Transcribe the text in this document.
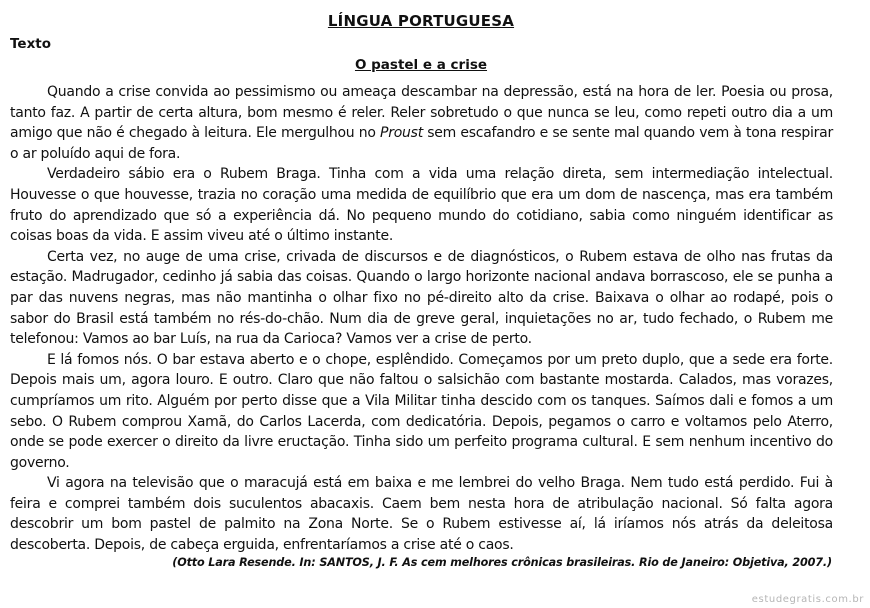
LÍNGUA PORTUGUESA
Texto
O pastel e a crise

Quando a crise convida ao pessimismo ou ameaça descambar na depressão, está na hora de ler. Poesia ou prosa, tanto faz. A partir de certa altura, bom mesmo é reler. Reler sobretudo o que nunca se leu, como repeti outro dia a um amigo que não é chegado à leitura. Ele mergulhou no Proust sem escafandro e se sente mal quando vem à tona respirar o ar poluído aqui de fora.

Verdadeiro sábio era o Rubem Braga. Tinha com a vida uma relação direta, sem intermediação intelectual. Houvesse o que houvesse, trazia no coração uma medida de equilíbrio que era um dom de nascença, mas era também fruto do aprendizado que só a experiência dá. No pequeno mundo do cotidiano, sabia como ninguém identificar as coisas boas da vida. E assim viveu até o último instante.

Certa vez, no auge de uma crise, crivada de discursos e de diagnósticos, o Rubem estava de olho nas frutas da estação. Madrugador, cedinho já sabia das coisas. Quando o largo horizonte nacional andava borrascoso, ele se punha a par das nuvens negras, mas não mantinha o olhar fixo no pé-direito alto da crise. Baixava o olhar ao rodapé, pois o sabor do Brasil está também no rés-do-chão. Num dia de greve geral, inquietações no ar, tudo fechado, o Rubem me telefonou: Vamos ao bar Luís, na rua da Carioca? Vamos ver a crise de perto.

E lá fomos nós. O bar estava aberto e o chope, esplêndido. Começamos por um preto duplo, que a sede era forte. Depois mais um, agora louro. E outro. Claro que não faltou o salsichão com bastante mostarda. Calados, mas vorazes, cumpríamos um rito. Alguém por perto disse que a Vila Militar tinha descido com os tanques. Saímos dali e fomos a um sebo. O Rubem comprou Xamã, do Carlos Lacerda, com dedicatória. Depois, pegamos o carro e voltamos pelo Aterro, onde se pode exercer o direito da livre eructação. Tinha sido um perfeito programa cultural. E sem nenhum incentivo do governo.

Vi agora na televisão que o maracujá está em baixa e me lembrei do velho Braga. Nem tudo está perdido. Fui à feira e comprei também dois suculentos abacaxis. Caem bem nesta hora de atribulação nacional. Só falta agora descobrir um bom pastel de palmito na Zona Norte. Se o Rubem estivesse aí, lá iríamos nós atrás da deleitosa descoberta. Depois, de cabeça erguida, enfrentaríamos a crise até o caos.

(Otto Lara Resende. In: SANTOS, J. F. As cem melhores crônicas brasileiras. Rio de Janeiro: Objetiva, 2007.)
estudegratis.com.br
